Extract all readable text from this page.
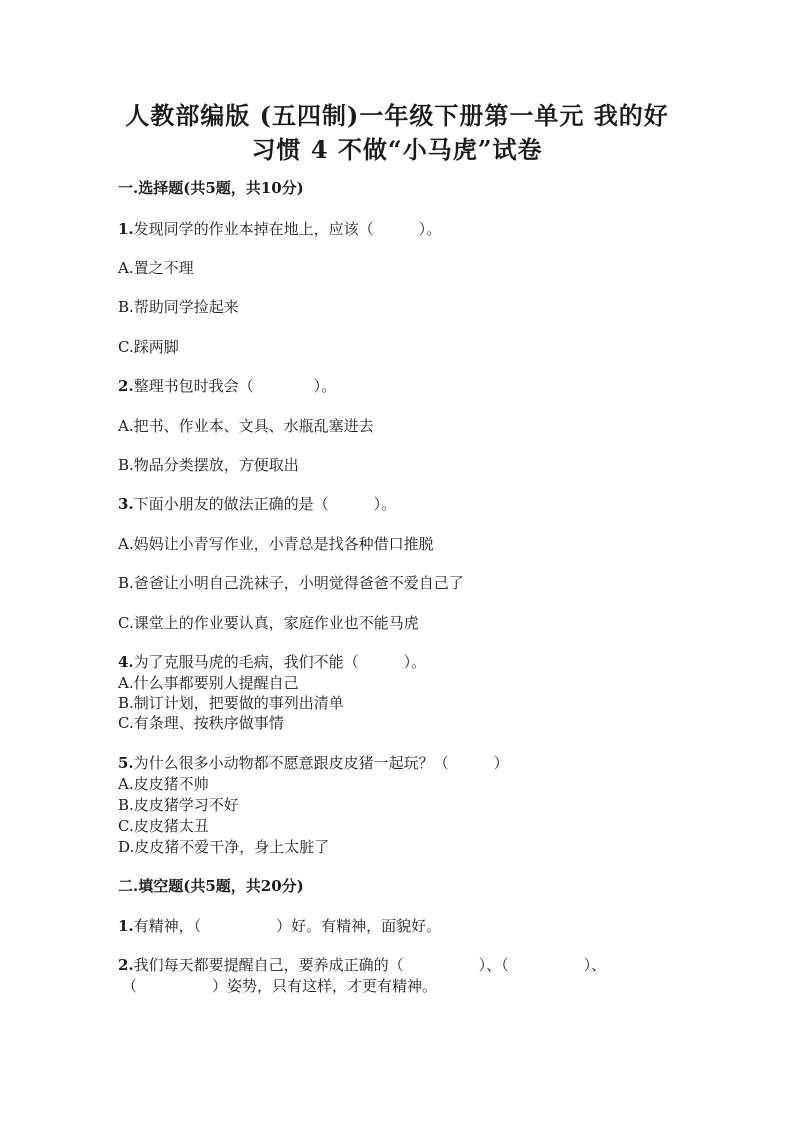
人教部编版 (五四制)一年级下册第一单元 我的好
习惯 4 不做“小马虎”试卷
一.选择题(共5题，共10分)
1.发现同学的作业本掉在地上，应该（　　　）。
A.置之不理
B.帮助同学捡起来
C.踩两脚
2.整理书包时我会（　　　　）。
A.把书、作业本、文具、水瓶乱塞进去
B.物品分类摆放，方便取出
3.下面小朋友的做法正确的是（　　　）。
A.妈妈让小青写作业，小青总是找各种借口推脱
B.爸爸让小明自己洗袜子，小明觉得爸爸不爱自己了
C.课堂上的作业要认真，家庭作业也不能马虎
4.为了克服马虎的毛病，我们不能（　　　）。
A.什么事都要别人提醒自己
B.制订计划，把要做的事列出清单
C.有条理、按秩序做事情
5.为什么很多小动物都不愿意跟皮皮猪一起玩？（　　　）
A.皮皮猪不帅
B.皮皮猪学习不好
C.皮皮猪太丑
D.皮皮猪不爱干净，身上太脏了
二.填空题(共5题，共20分)
1.有精神，（　　　　　）好。有精神，面貌好。
2.我们每天都要提醒自己，要养成正确的（　　　　　）、（　　　　　）、
（　　　　　）姿势，只有这样，才更有精神。
